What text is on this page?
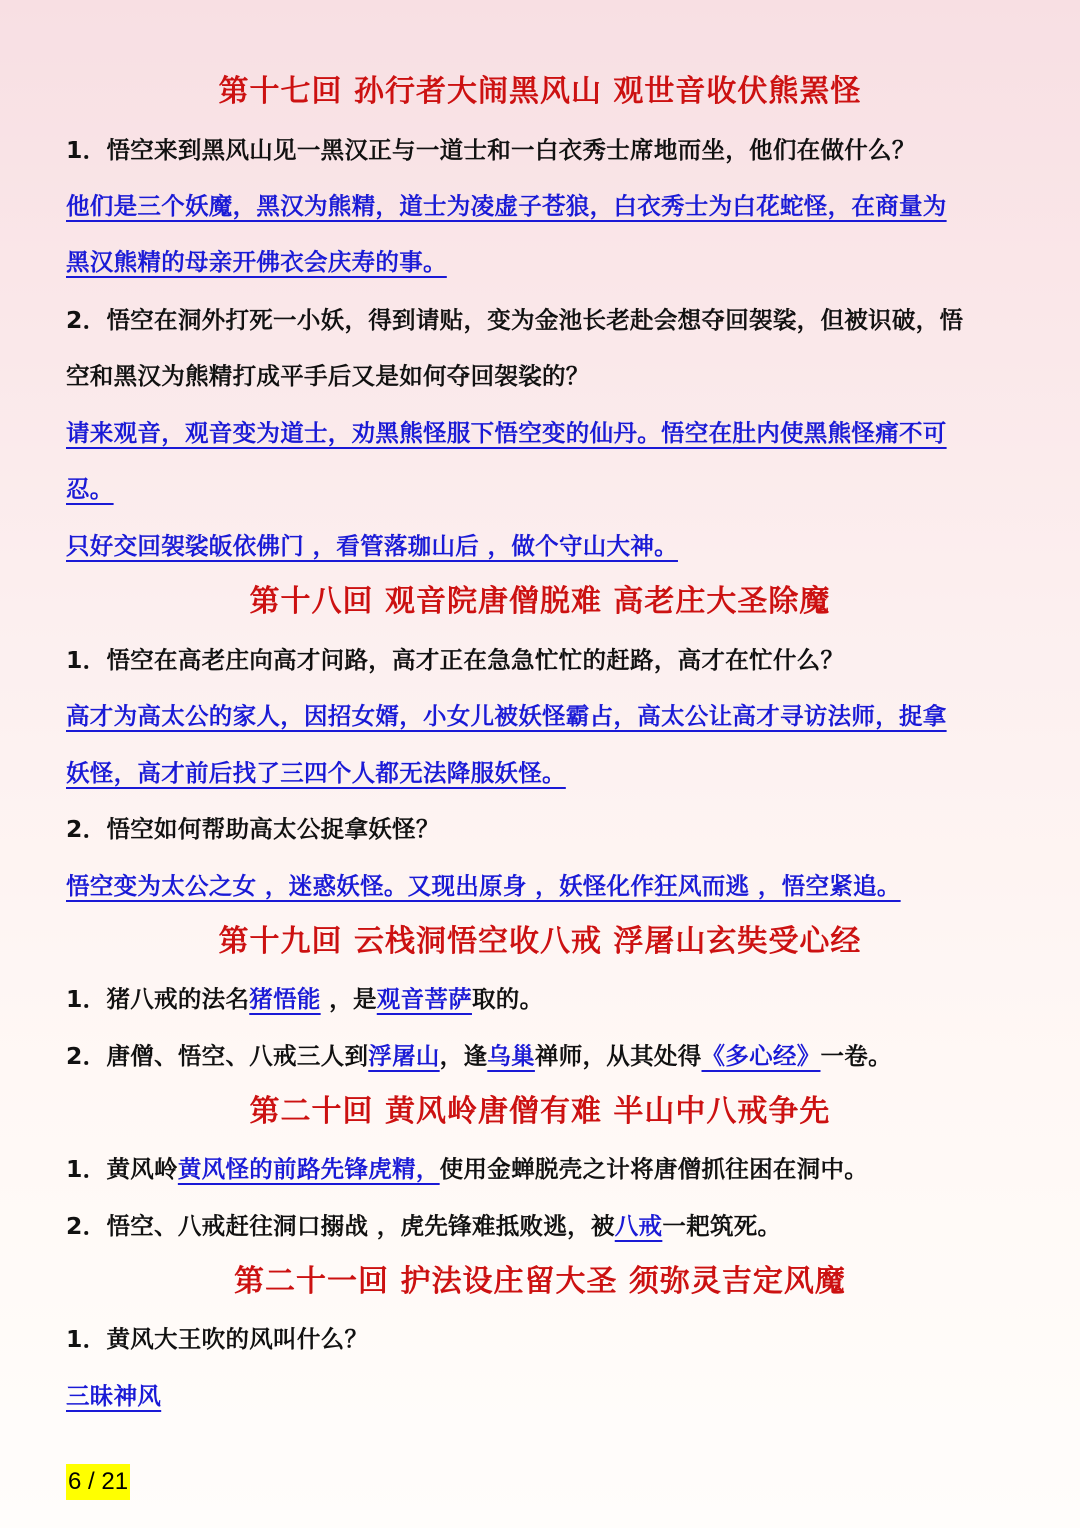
第十七回 孙行者大闹黑风山 观世音收伏熊罴怪
1．悟空来到黑风山见一黑汉正与一道士和一白衣秀士席地而坐，他们在做什么？
他们是三个妖魔，黑汉为熊精，道士为凌虚子苍狼，白衣秀士为白花蛇怪，在商量为
黑汉熊精的母亲开佛衣会庆寿的事。
2．悟空在洞外打死一小妖，得到请贴，变为金池长老赴会想夺回袈裟，但被识破，悟
空和黑汉为熊精打成平手后又是如何夺回袈裟的？
请来观音，观音变为道士，劝黑熊怪服下悟空变的仙丹。悟空在肚内使黑熊怪痛不可
忍。
只好交回袈裟皈依佛门 ，看管落珈山后 ，做个守山大神。
第十八回 观音院唐僧脱难 高老庄大圣除魔
1．悟空在高老庄向高才问路，高才正在急急忙忙的赶路，高才在忙什么？
高才为高太公的家人，因招女婿，小女儿被妖怪霸占，高太公让高才寻访法师，捉拿
妖怪，高才前后找了三四个人都无法降服妖怪。
2．悟空如何帮助高太公捉拿妖怪？
悟空变为太公之女 ，迷惑妖怪。又现出原身 ，妖怪化作狂风而逃 ，悟空紧追。
第十九回 云栈洞悟空收八戒 浮屠山玄奘受心经
1．猪八戒的法名猪悟能 ，是观音菩萨取的。
2．唐僧、悟空、八戒三人到浮屠山，逢乌巢禅师，从其处得《多心经》一卷。
第二十回 黄风岭唐僧有难 半山中八戒争先
1．黄风岭黄风怪的前路先锋虎精，使用金蝉脱壳之计将唐僧抓往困在洞中。
2．悟空、八戒赶往洞口搦战 ，虎先锋难抵败逃，被八戒一耙筑死。
第二十一回 护法设庄留大圣 须弥灵吉定风魔
1．黄风大王吹的风叫什么？
三昧神风
6 / 21
